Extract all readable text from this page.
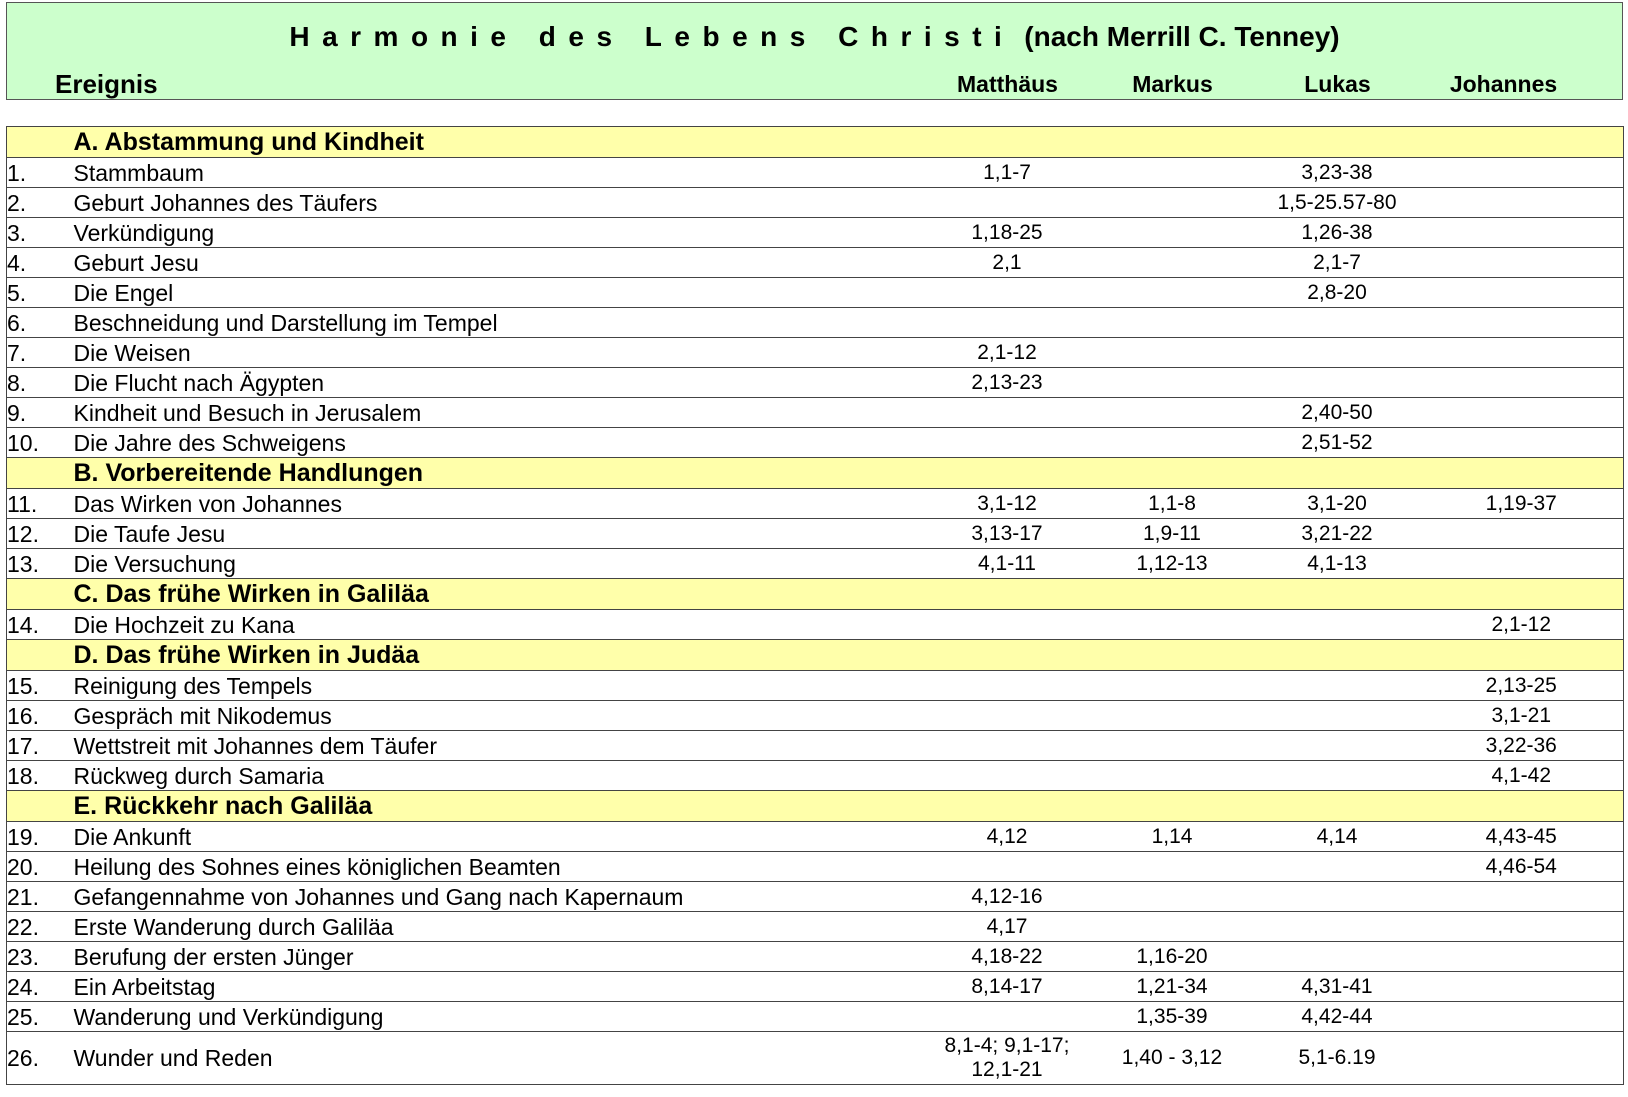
Harmonie des Lebens Christi (nach Merrill C. Tenney)
Ereignis	Matthäus	Markus	Lukas	Johannes
	A. Abstammung und Kindheit				
1.	Stammbaum	1,1-7		3,23-38	
2.	Geburt Johannes des Täufers			1,5-25.57-80	
3.	Verkündigung	1,18-25		1,26-38	
4.	Geburt Jesu	2,1		2,1-7	
5.	Die Engel			2,8-20	
6.	Beschneidung und Darstellung im Tempel				
7.	Die Weisen	2,1-12			
8.	Die Flucht nach Ägypten	2,13-23			
9.	Kindheit und Besuch in Jerusalem			2,40-50	
10.	Die Jahre des Schweigens			2,51-52	
	B. Vorbereitende Handlungen				
11.	Das Wirken von Johannes	3,1-12	1,1-8	3,1-20	1,19-37
12.	Die Taufe Jesu	3,13-17	1,9-11	3,21-22	
13.	Die Versuchung	4,1-11	1,12-13	4,1-13	
	C. Das frühe Wirken in Galiläa				
14.	Die Hochzeit zu Kana				2,1-12
	D. Das frühe Wirken in Judäa				
15.	Reinigung des Tempels				2,13-25
16.	Gespräch mit Nikodemus				3,1-21
17.	Wettstreit mit Johannes dem Täufer				3,22-36
18.	Rückweg durch Samaria				4,1-42
	E. Rückkehr nach Galiläa				
19.	Die Ankunft	4,12	1,14	4,14	4,43-45
20.	Heilung des Sohnes eines königlichen Beamten				4,46-54
21.	Gefangennahme von Johannes und Gang nach Kapernaum	4,12-16			
22.	Erste Wanderung durch Galiläa	4,17			
23.	Berufung der ersten Jünger	4,18-22	1,16-20		
24.	Ein Arbeitstag	8,14-17	1,21-34	4,31-41	
25.	Wanderung und Verkündigung		1,35-39	4,42-44	
26.	Wunder und Reden	8,1-4; 9,1-17;
12,1-21	1,40 - 3,12	5,1-6.19	
